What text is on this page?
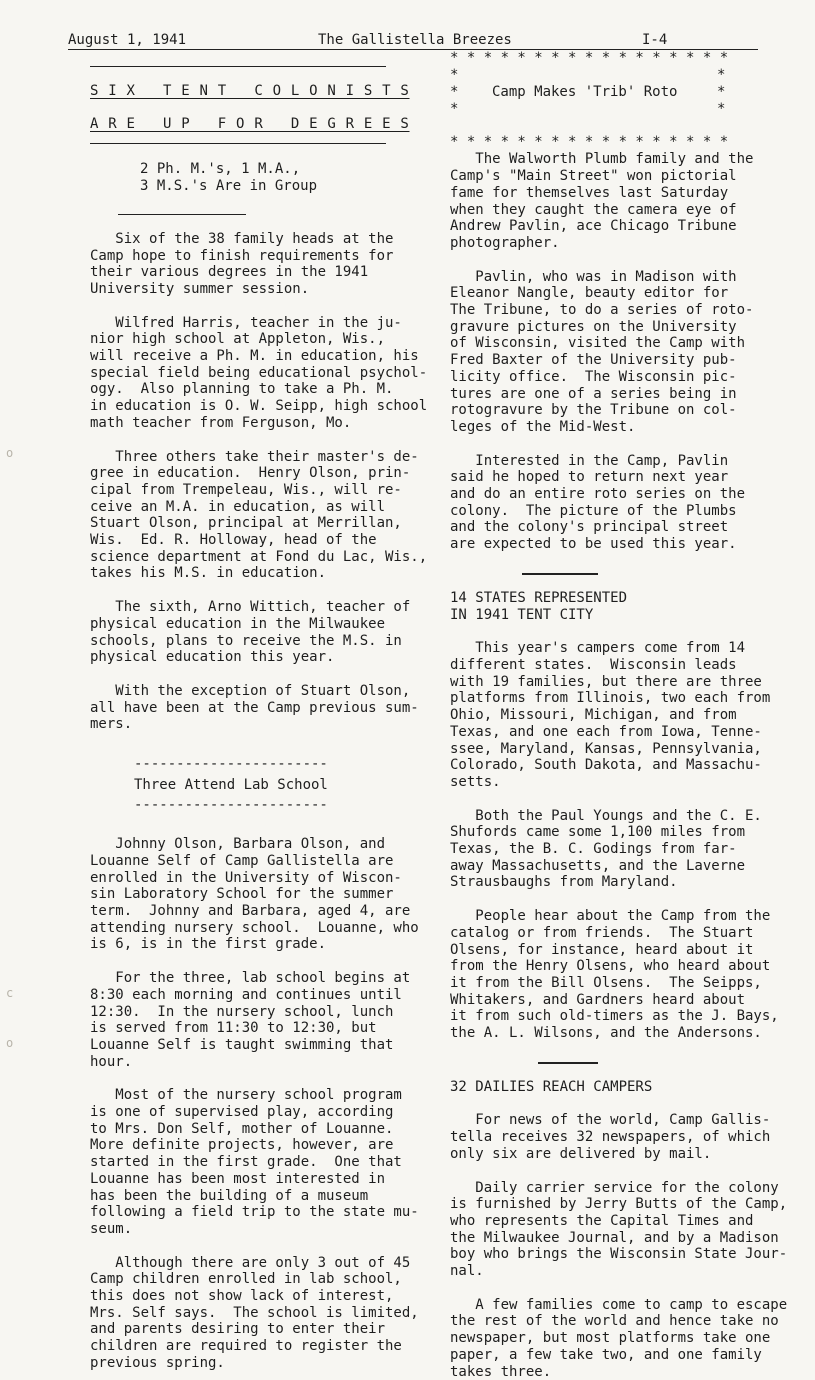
August 1, 1941	The Gallistella Breezes	I-4
o
c
o

S I X   T E N T   C O L O N I S T S

A R E   U P   F O R   D E G R E E S

2 Ph. M.'s, 1 M.A.,
3 M.S.'s Are in Group

Six of the 38 family heads at the
Camp hope to finish requirements for
their various degrees in the 1941
University summer session.

Wilfred Harris, teacher in the ju-
nior high school at Appleton, Wis.,
will receive a Ph. M. in education, his
special field being educational psychol-
ogy.  Also planning to take a Ph. M.
in education is O. W. Seipp, high school
math teacher from Ferguson, Mo.

Three others take their master's de-
gree in education.  Henry Olson, prin-
cipal from Trempeleau, Wis., will re-
ceive an M.A. in education, as will
Stuart Olson, principal at Merrillan,
Wis.  Ed. R. Holloway, head of the
science department at Fond du Lac, Wis.,
takes his M.S. in education.

The sixth, Arno Wittich, teacher of
physical education in the Milwaukee
schools, plans to receive the M.S. in
physical education this year.

With the exception of Stuart Olson,
all have been at the Camp previous sum-
mers.

-----------------------

Three Attend Lab School

-----------------------

Johnny Olson, Barbara Olson, and
Louanne Self of Camp Gallistella are
enrolled in the University of Wiscon-
sin Laboratory School for the summer
term.  Johnny and Barbara, aged 4, are
attending nursery school.  Louanne, who
is 6, is in the first grade.

For the three, lab school begins at
8:30 each morning and continues until
12:30.  In the nursery school, lunch
is served from 11:30 to 12:30, but
Louanne Self is taught swimming that
hour.

Most of the nursery school program
is one of supervised play, according
to Mrs. Don Self, mother of Louanne.
More definite projects, however, are
started in the first grade.  One that
Louanne has been most interested in
has been the building of a museum
following a field trip to the state mu-
seum.

Although there are only 3 out of 45
Camp children enrolled in lab school,
this does not show lack of interest,
Mrs. Self says.  The school is limited,
and parents desiring to enter their
children are required to register the
previous spring.

* * * * * * * * * * * * * * * * *

*	*
* Camp Makes 'Trib' Roto	*
*	*

* * * * * * * * * * * * * * * * *

The Walworth Plumb family and the
Camp's "Main Street" won pictorial
fame for themselves last Saturday
when they caught the camera eye of
Andrew Pavlin, ace Chicago Tribune
photographer.

Pavlin, who was in Madison with
Eleanor Nangle, beauty editor for
The Tribune, to do a series of roto-
gravure pictures on the University
of Wisconsin, visited the Camp with
Fred Baxter of the University pub-
licity office.  The Wisconsin pic-
tures are one of a series being in
rotogravure by the Tribune on col-
leges of the Mid-West.

Interested in the Camp, Pavlin
said he hoped to return next year
and do an entire roto series on the
colony.  The picture of the Plumbs
and the colony's principal street
are expected to be used this year.

14 STATES REPRESENTED
IN 1941 TENT CITY

This year's campers come from 14
different states.  Wisconsin leads
with 19 families, but there are three
platforms from Illinois, two each from
Ohio, Missouri, Michigan, and from
Texas, and one each from Iowa, Tenne-
ssee, Maryland, Kansas, Pennsylvania,
Colorado, South Dakota, and Massachu-
setts.

Both the Paul Youngs and the C. E.
Shufords came some 1,100 miles from
Texas, the B. C. Godings from far-
away Massachusetts, and the Laverne
Strausbaughs from Maryland.

People hear about the Camp from the
catalog or from friends.  The Stuart
Olsens, for instance, heard about it
from the Henry Olsens, who heard about
it from the Bill Olsens.  The Seipps,
Whitakers, and Gardners heard about
it from such old-timers as the J. Bays,
the A. L. Wilsons, and the Andersons.

32 DAILIES REACH CAMPERS

For news of the world, Camp Gallis-
tella receives 32 newspapers, of which
only six are delivered by mail.

Daily carrier service for the colony
is furnished by Jerry Butts of the Camp,
who represents the Capital Times and
the Milwaukee Journal, and by a Madison
boy who brings the Wisconsin State Jour-
nal.

A few families come to camp to escape
the rest of the world and hence take no
newspaper, but most platforms take one
paper, a few take two, and one family
takes three.
